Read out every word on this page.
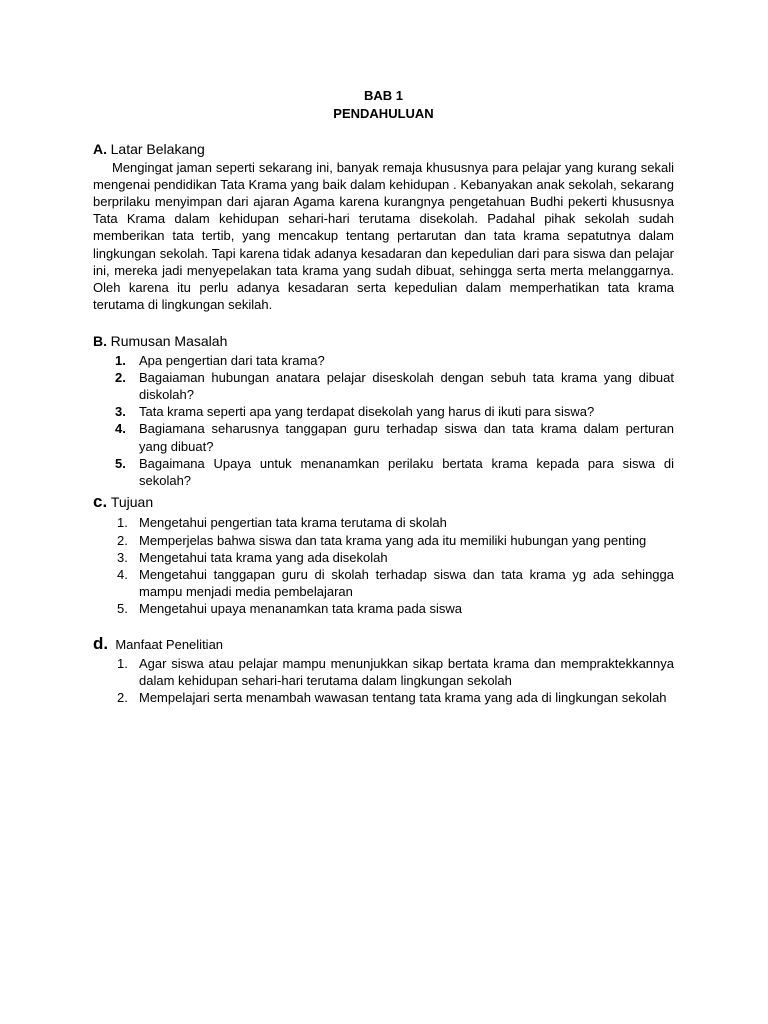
BAB 1

PENDAHULUAN

A. Latar Belakang

Mengingat jaman seperti sekarang ini, banyak remaja khususnya para pelajar yang kurang sekali mengenai pendidikan Tata Krama yang baik dalam kehidupan . Kebanyakan anak sekolah, sekarang berprilaku menyimpan dari ajaran Agama karena kurangnya pengetahuan Budhi pekerti khususnya Tata Krama dalam kehidupan sehari-hari terutama disekolah. Padahal pihak sekolah sudah memberikan tata tertib, yang mencakup tentang pertarutan dan tata krama sepatutnya dalam lingkungan sekolah. Tapi karena tidak adanya kesadaran dan kepedulian dari para siswa dan pelajar ini, mereka jadi menyepelakan tata krama yang sudah dibuat, sehingga serta merta melanggarnya. Oleh karena itu perlu adanya kesadaran serta kepedulian dalam memperhatikan tata krama terutama di lingkungan sekilah.

B. Rumusan Masalah

1. Apa pengertian dari tata krama?
2. Bagaiaman hubungan anatara pelajar diseskolah dengan sebuh tata krama yang dibuat diskolah?
3. Tata krama seperti apa yang terdapat disekolah yang harus di ikuti para siswa?
4. Bagiamana seharusnya tanggapan guru terhadap siswa dan tata krama dalam perturan yang dibuat?
5. Bagaimana Upaya untuk menanamkan perilaku bertata krama kepada para siswa di sekolah?

c. Tujuan

1. Mengetahui pengertian tata krama terutama di skolah
2. Memperjelas bahwa siswa dan tata krama yang ada itu memiliki hubungan yang penting
3. Mengetahui tata krama yang ada disekolah
4. Mengetahui tanggapan guru di skolah terhadap siswa dan tata krama yg ada sehingga mampu menjadi media pembelajaran
5. Mengetahui upaya menanamkan tata krama pada siswa

d. Manfaat Penelitian

1. Agar siswa atau pelajar mampu menunjukkan sikap bertata krama dan mempraktekkannya dalam kehidupan sehari-hari terutama dalam lingkungan sekolah
2. Mempelajari serta menambah wawasan tentang tata krama yang ada di lingkungan sekolah
